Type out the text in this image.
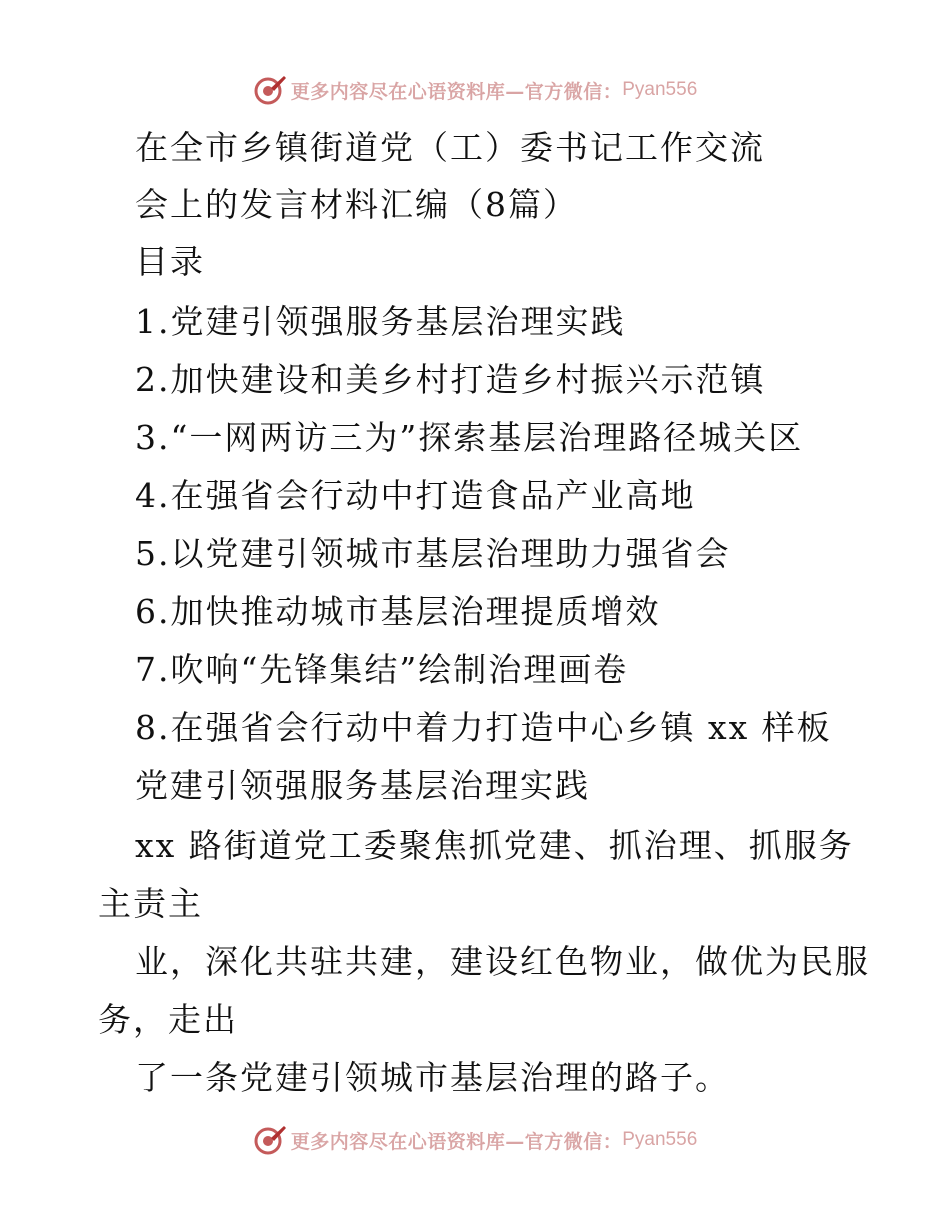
更多内容尽在心语资料库—官方微信： Pyan556
在全市乡镇街道党（工）委书记工作交流
会上的发言材料汇编（8篇）
目录
1.党建引领强服务基层治理实践
2.加快建设和美乡村打造乡村振兴示范镇
3.“一网两访三为”探索基层治理路径城关区
4.在强省会行动中打造食品产业高地
5.以党建引领城市基层治理助力强省会
6.加快推动城市基层治理提质增效
7.吹响“先锋集结”绘制治理画卷
8.在强省会行动中着力打造中心乡镇 xx 样板
党建引领强服务基层治理实践
xx 路街道党工委聚焦抓党建、抓治理、抓服务
主责主
业，深化共驻共建，建设红色物业，做优为民服
务，走出
了一条党建引领城市基层治理的路子。
更多内容尽在心语资料库—官方微信： Pyan556
